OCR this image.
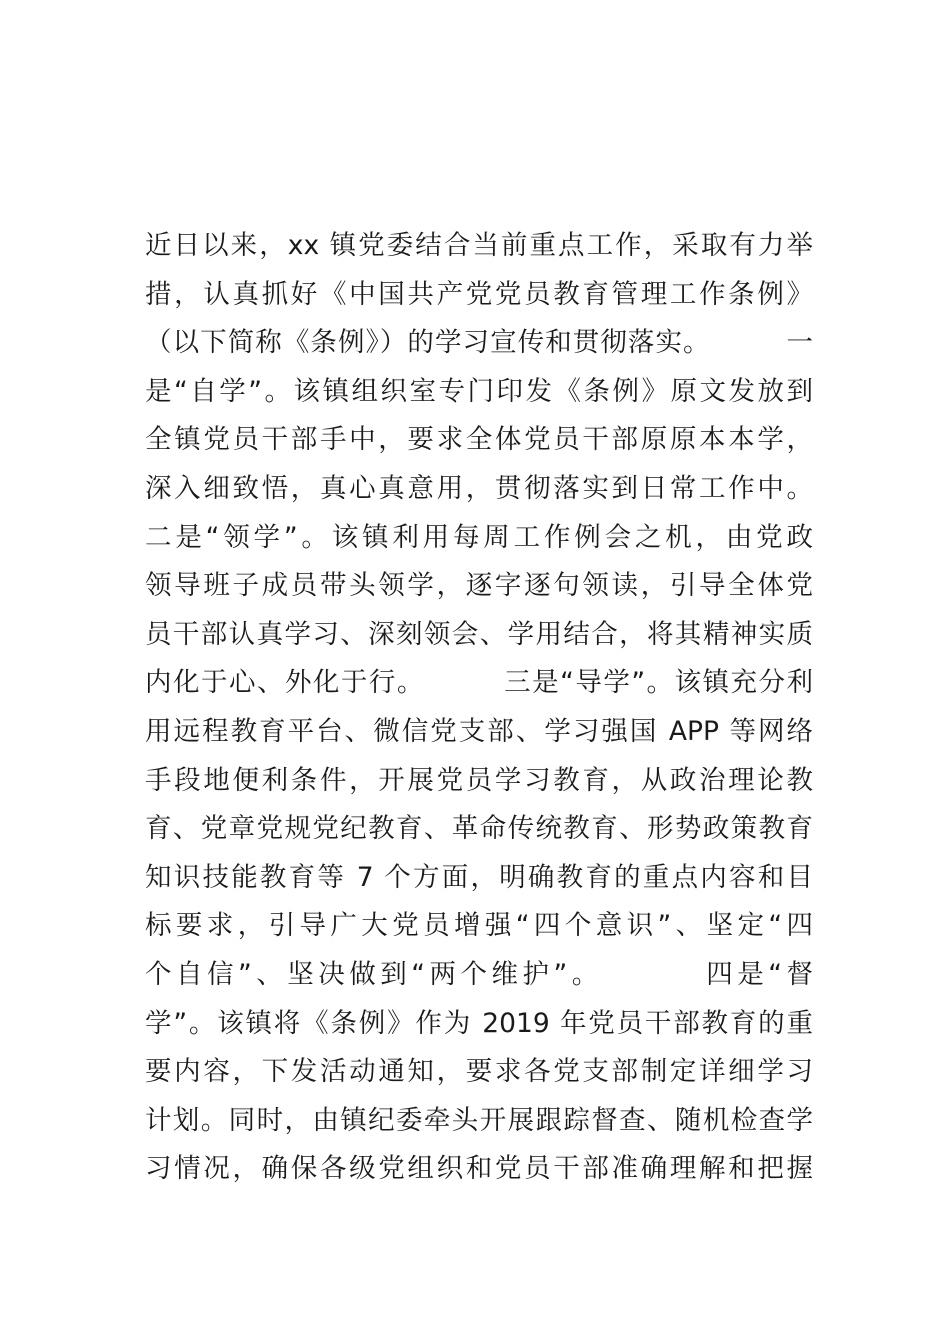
近日以来，xx 镇党委结合当前重点工作，采取有力举
措，认真抓好《中国共产党党员教育管理工作条例》
（以下简称《条例》）的学习宣传和贯彻落实。        一
是“自学”。该镇组织室专门印发《条例》原文发放到
全镇党员干部手中，要求全体党员干部原原本本学，
深入细致悟，真心真意用，贯彻落实到日常工作中。
二是“领学”。该镇利用每周工作例会之机，由党政
领导班子成员带头领学，逐字逐句领读，引导全体党
员干部认真学习、深刻领会、学用结合，将其精神实质
内化于心、外化于行。        三是“导学”。该镇充分利
用远程教育平台、微信党支部、学习强国 APP 等网络
手段地便利条件，开展党员学习教育，从政治理论教
育、党章党规党纪教育、革命传统教育、形势政策教育
知识技能教育等 7 个方面，明确教育的重点内容和目
标要求，引导广大党员增强“四个意识”、坚定“四
个自信”、坚决做到“两个维护”。        四是“督
学”。该镇将《条例》作为 2019 年党员干部教育的重
要内容，下发活动通知，要求各党支部制定详细学习
计划。同时，由镇纪委牵头开展跟踪督查、随机检查学
习情况，确保各级党组织和党员干部准确理解和把握
